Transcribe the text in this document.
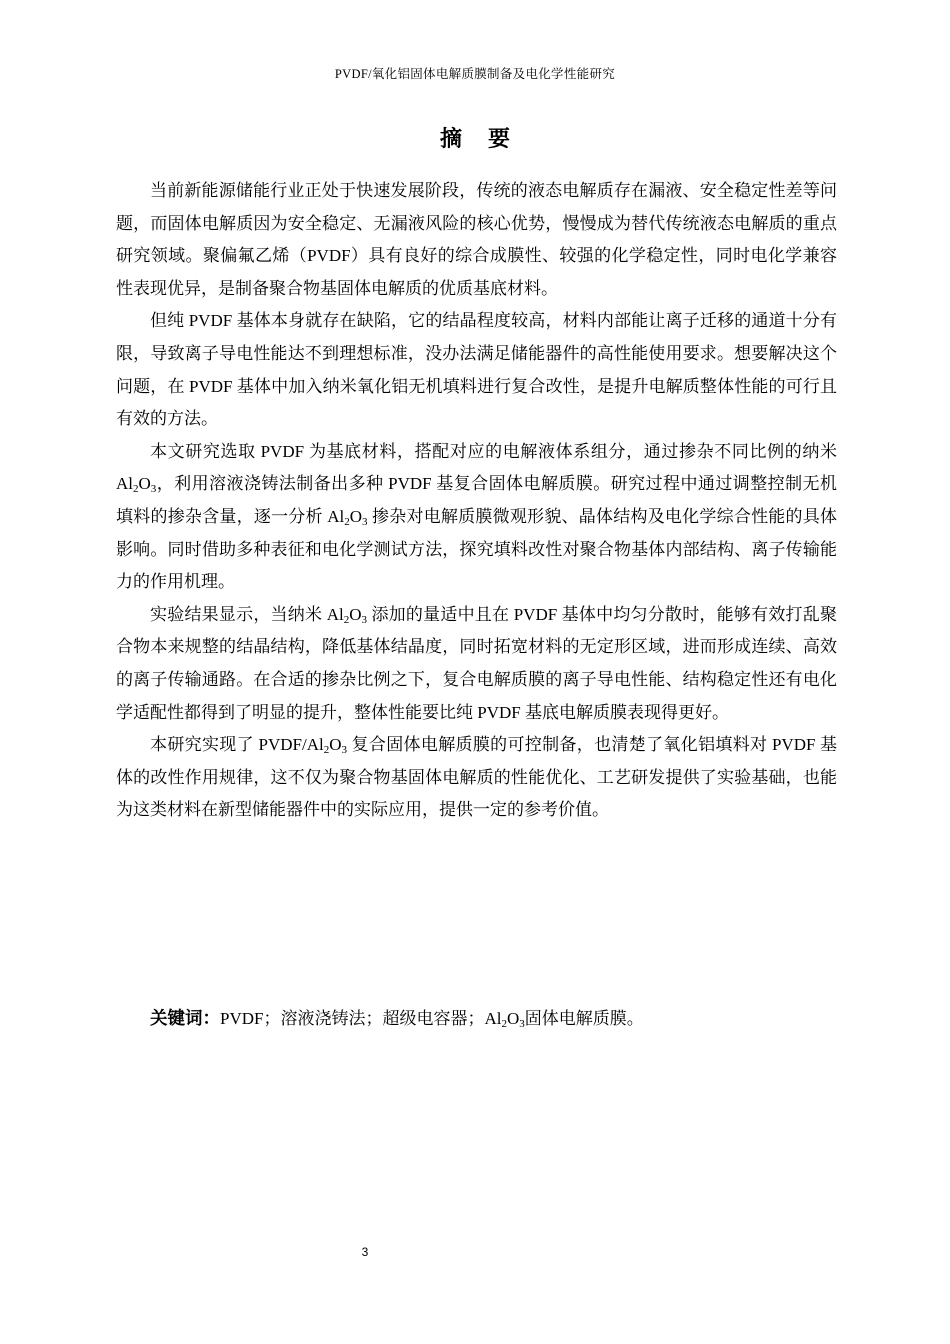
PVDF/氧化铝固体电解质膜制备及电化学性能研究
摘要

当前新能源储能行业正处于快速发展阶段，传统的液态电解质存在漏液、安全稳定性差等问题，而固体电解质因为安全稳定、无漏液风险的核心优势，慢慢成为替代传统液态电解质的重点研究领域。聚偏氟乙烯（PVDF）具有良好的综合成膜性、较强的化学稳定性，同时电化学兼容性表现优异，是制备聚合物基固体电解质的优质基底材料。

但纯 PVDF 基体本身就存在缺陷，它的结晶程度较高，材料内部能让离子迁移的通道十分有限，导致离子导电性能达不到理想标准，没办法满足储能器件的高性能使用要求。想要解决这个问题，在 PVDF 基体中加入纳米氧化铝无机填料进行复合改性，是提升电解质整体性能的可行且有效的方法。

本文研究选取 PVDF 为基底材料，搭配对应的电解液体系组分，通过掺杂不同比例的纳米 $Al_2O_3$，利用溶液浇铸法制备出多种 PVDF 基复合固体电解质膜。研究过程中通过调整控制无机填料的掺杂含量，逐一分析 $Al_2O_3$ 掺杂对电解质膜微观形貌、晶体结构及电化学综合性能的具体影响。同时借助多种表征和电化学测试方法，探究填料改性对聚合物基体内部结构、离子传输能力的作用机理。

实验结果显示，当纳米 $Al_2O_3$ 添加的量适中且在 PVDF 基体中均匀分散时，能够有效打乱聚合物本来规整的结晶结构，降低基体结晶度，同时拓宽材料的无定形区域，进而形成连续、高效的离子传输通路。在合适的掺杂比例之下，复合电解质膜的离子导电性能、结构稳定性还有电化学适配性都得到了明显的提升，整体性能要比纯 PVDF 基底电解质膜表现得更好。

本研究实现了 PVDF/$Al_2O_3$ 复合固体电解质膜的可控制备，也清楚了氧化铝填料对 PVDF 基体的改性作用规律，这不仅为聚合物基固体电解质的性能优化、工艺研发提供了实验基础，也能为这类材料在新型储能器件中的实际应用，提供一定的参考价值。

关键词：PVDF；溶液浇铸法；超级电容器；$Al_2O_3$固体电解质膜。
3
